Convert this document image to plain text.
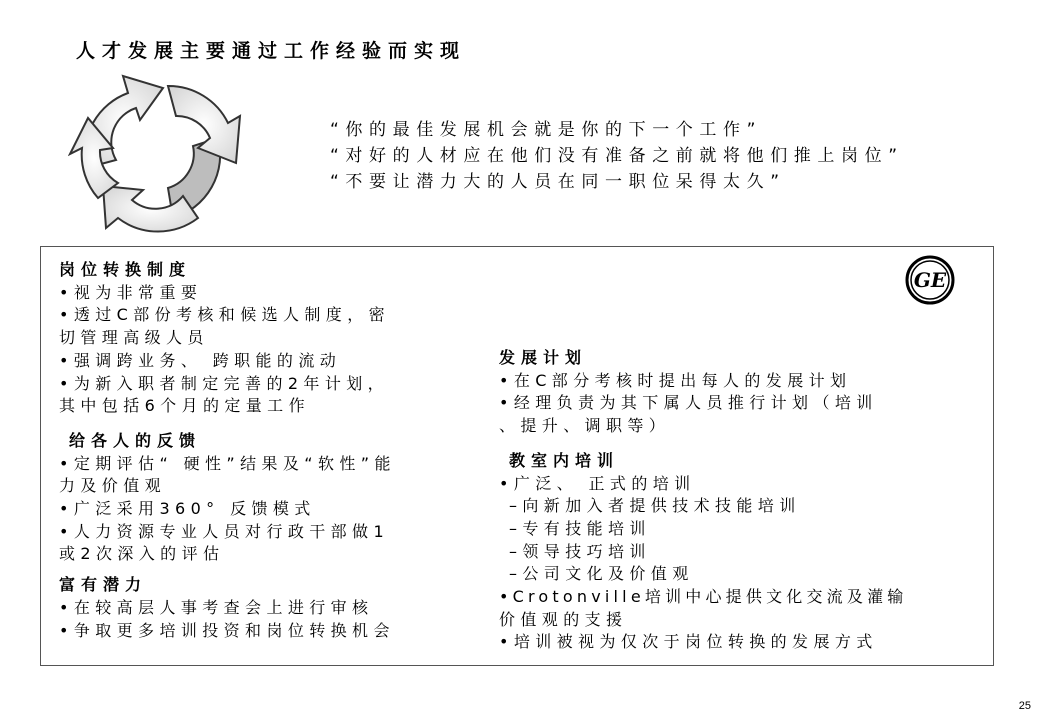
人才发展主要通过工作经验而实现
“你的最佳发展机会就是你的下一个工作”
“对好的人材应在他们没有准备之前就将他们推上岗位”
“不要让潜力大的人员在同一职位呆得太久”
GE
岗位转换制度
•视为非常重要
•透过C部份考核和候选人制度，密
切管理高级人员
•强调跨业务、 跨职能的流动
•为新入职者制定完善的2年计划，
其中包括6个月的定量工作
给各人的反馈
•定期评估“ 硬性”结果及“软性”能
力及价值观
•广泛采用360° 反馈模式
•人力资源专业人员对行政干部做1
或2次深入的评估
富有潜力
•在较高层人事考查会上进行审核
•争取更多培训投资和岗位转换机会
发展计划
•在C部分考核时提出每人的发展计划
•经理负责为其下属人员推行计划（培训
、提升、调职等）
教室内培训
•广泛、 正式的培训
–向新加入者提供技术技能培训
–专有技能培训
–领导技巧培训
–公司文化及价值观
•Crotonville培训中心提供文化交流及灌输
价值观的支援
•培训被视为仅次于岗位转换的发展方式
25
